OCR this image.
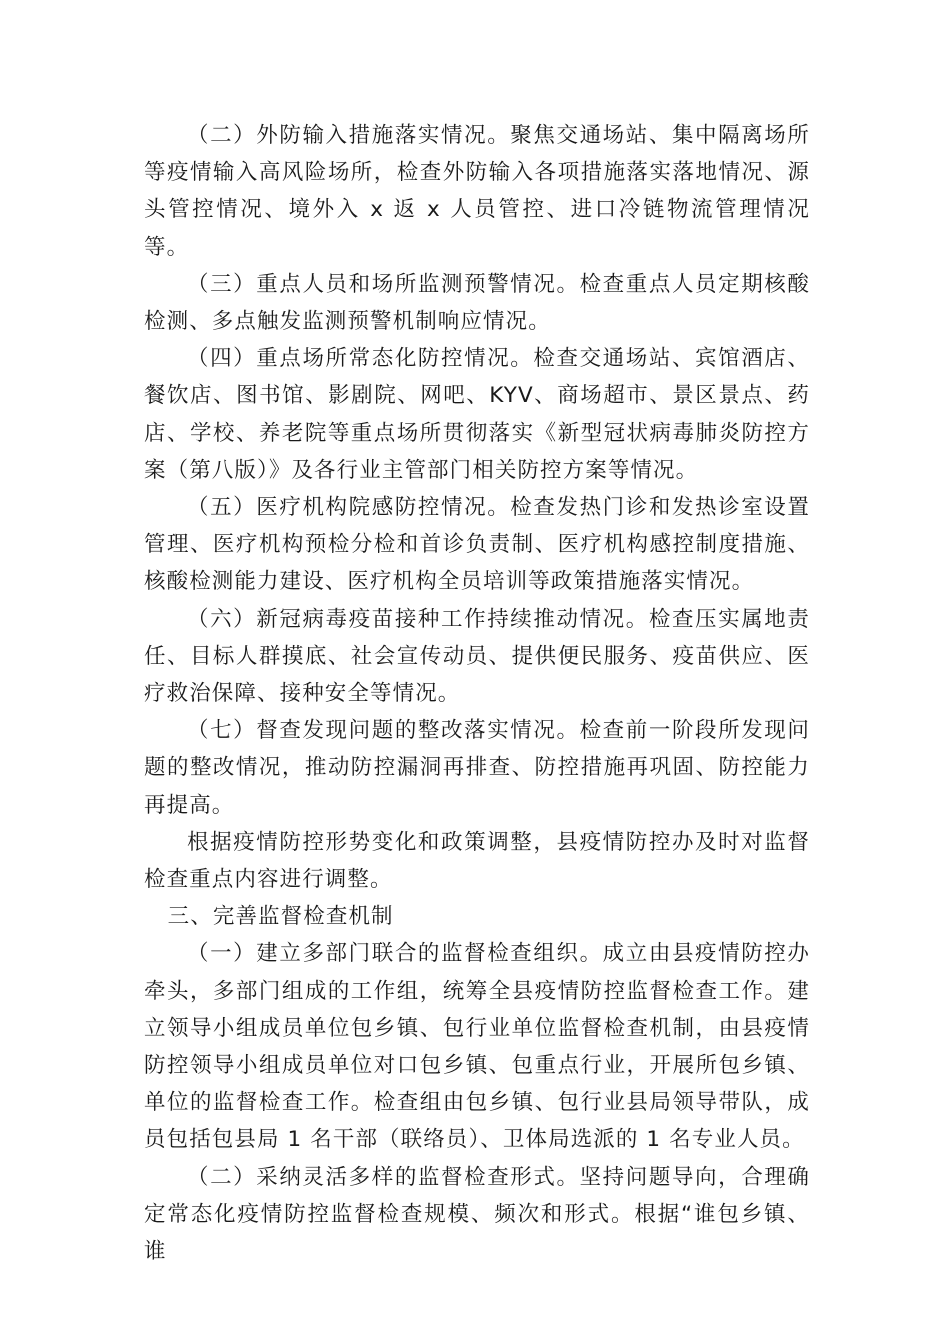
（二）外防输入措施落实情况。聚焦交通场站、集中隔离场所等疫情输入高风险场所，检查外防输入各项措施落实落地情况、源头管控情况、境外入 x 返 x 人员管控、进口冷链物流管理情况等。

（三）重点人员和场所监测预警情况。检查重点人员定期核酸检测、多点触发监测预警机制响应情况。

（四）重点场所常态化防控情况。检查交通场站、宾馆酒店、餐饮店、图书馆、影剧院、网吧、KYV、商场超市、景区景点、药店、学校、养老院等重点场所贯彻落实《新型冠状病毒肺炎防控方案（第八版）》及各行业主管部门相关防控方案等情况。

（五）医疗机构院感防控情况。检查发热门诊和发热诊室设置管理、医疗机构预检分检和首诊负责制、医疗机构感控制度措施、核酸检测能力建设、医疗机构全员培训等政策措施落实情况。

（六）新冠病毒疫苗接种工作持续推动情况。检查压实属地责任、目标人群摸底、社会宣传动员、提供便民服务、疫苗供应、医疗救治保障、接种安全等情况。

（七）督查发现问题的整改落实情况。检查前一阶段所发现问题的整改情况，推动防控漏洞再排查、防控措施再巩固、防控能力再提高。

根据疫情防控形势变化和政策调整，县疫情防控办及时对监督检查重点内容进行调整。

三、完善监督检查机制

（一）建立多部门联合的监督检查组织。成立由县疫情防控办牵头，多部门组成的工作组，统筹全县疫情防控监督检查工作。建立领导小组成员单位包乡镇、包行业单位监督检查机制，由县疫情防控领导小组成员单位对口包乡镇、包重点行业，开展所包乡镇、单位的监督检查工作。检查组由包乡镇、包行业县局领导带队，成员包括包县局 1 名干部（联络员）、卫体局选派的 1 名专业人员。

（二）采纳灵活多样的监督检查形式。坚持问题导向，合理确定常态化疫情防控监督检查规模、频次和形式。根据“谁包乡镇、谁
